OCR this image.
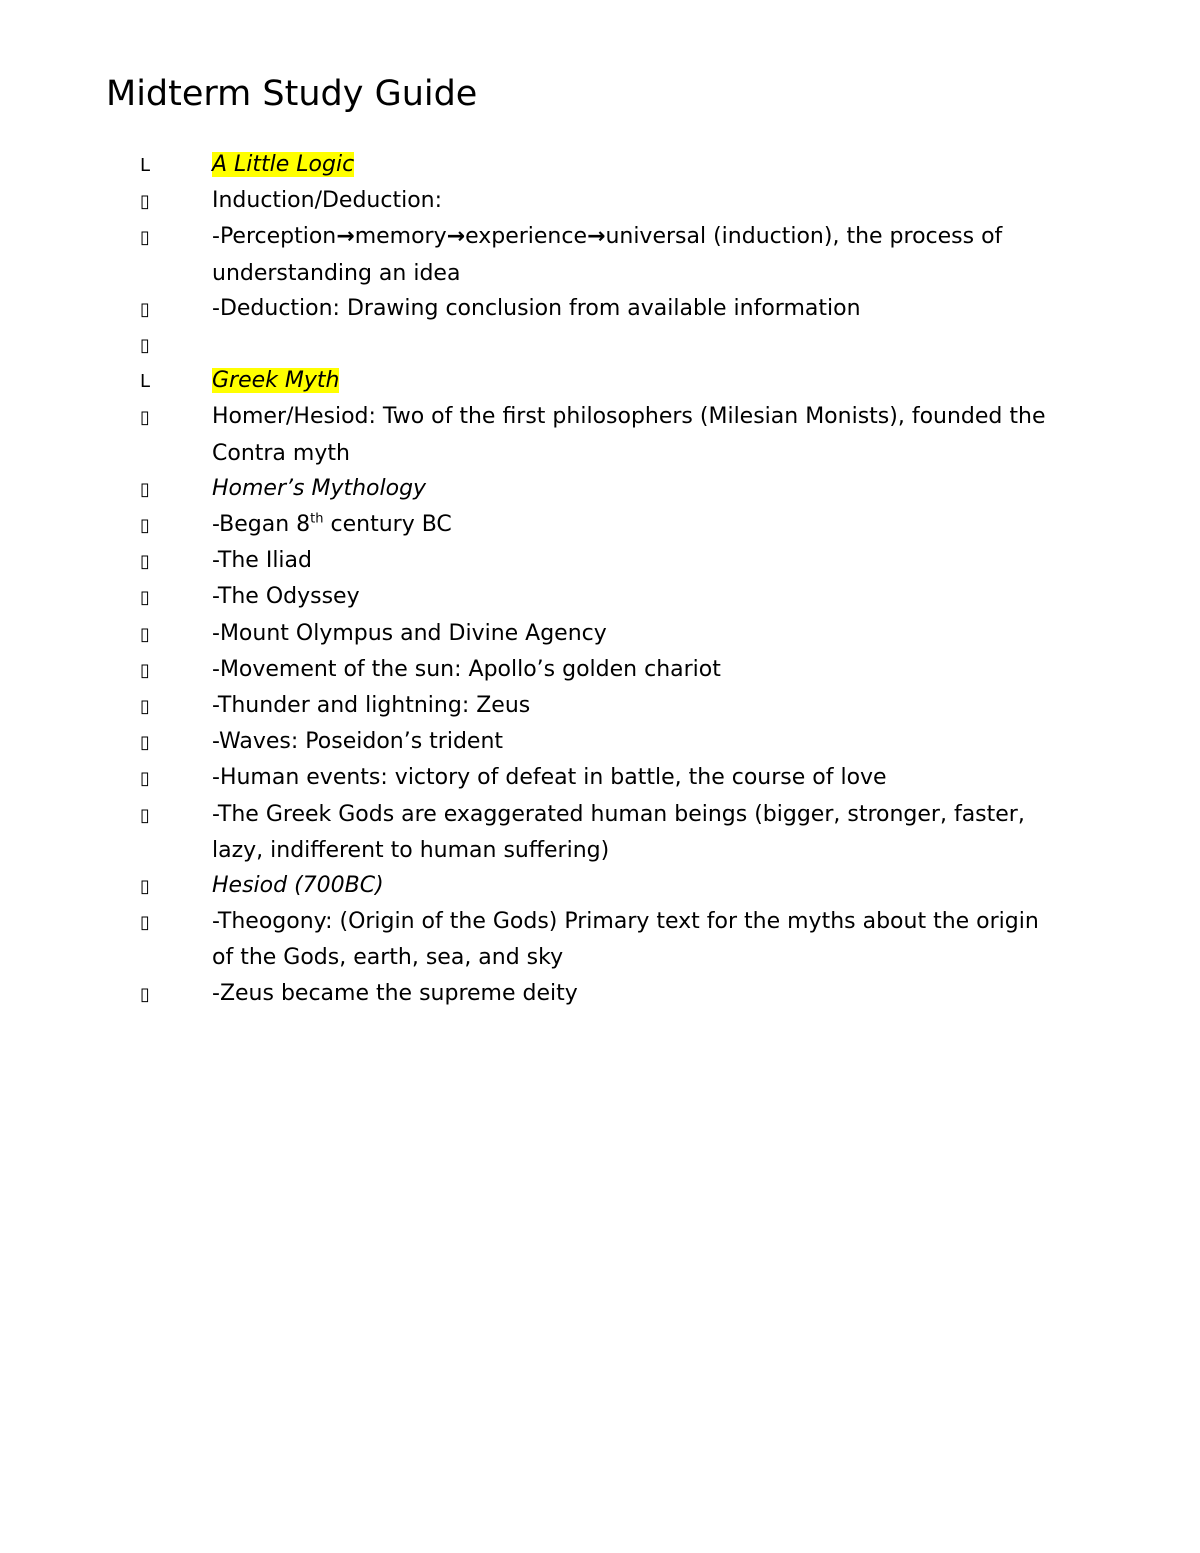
Midterm Study Guide

L	A Little Logic

▯	Induction/Deduction:

▯	-Perception→memory→experience→universal (induction), the process of understanding an idea

▯	-Deduction: Drawing conclusion from available information

▯

L	Greek Myth

▯	Homer/Hesiod: Two of the first philosophers (Milesian Monists), founded the Contra myth

▯	Homer’s Mythology

▯	-Began 8th century BC

▯	-The Iliad

▯	-The Odyssey

▯	-Mount Olympus and Divine Agency

▯	-Movement of the sun: Apollo’s golden chariot

▯	-Thunder and lightning: Zeus

▯	-Waves: Poseidon’s trident

▯	-Human events: victory of defeat in battle, the course of love

▯	-The Greek Gods are exaggerated human beings (bigger, stronger, faster, lazy, indifferent to human suffering)

▯	Hesiod (700BC)

▯	-Theogony: (Origin of the Gods) Primary text for the myths about the origin of the Gods, earth, sea, and sky

▯	-Zeus became the supreme deity
